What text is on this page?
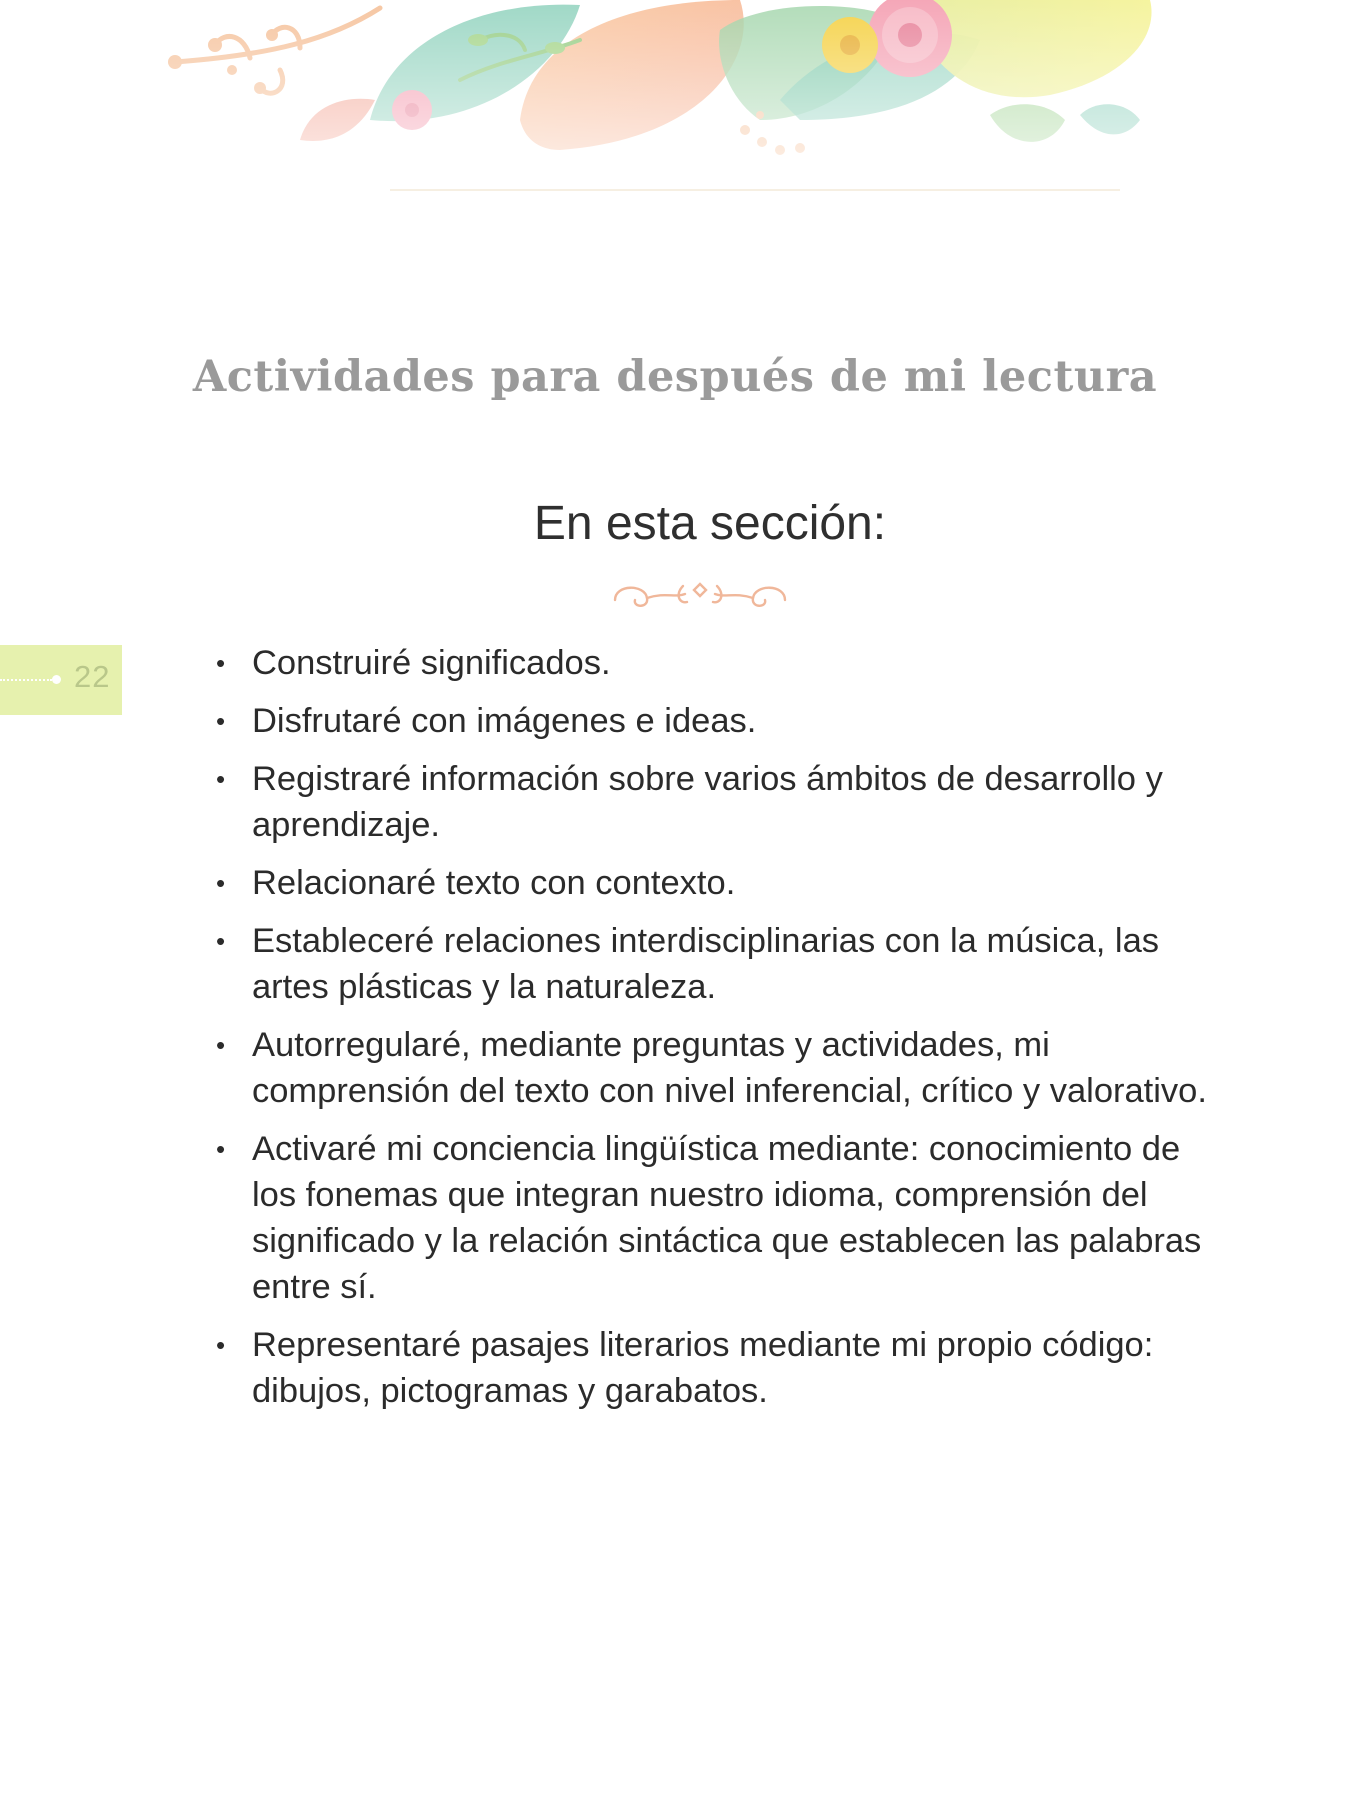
22
Actividades para después de mi lectura
En esta sección:
• Construiré significados.
• Disfrutaré con imágenes e ideas.
• Registraré información sobre varios ámbitos de desarrollo y aprendizaje.
• Relacionaré texto con contexto.
• Estableceré relaciones interdisciplinarias con la música, las artes plásticas y la naturaleza.
• Autorregularé, mediante preguntas y actividades, mi comprensión del texto con nivel inferencial, crítico y valorativo.
• Activaré mi conciencia lingüística mediante: conocimiento de los fonemas que integran nuestro idioma, comprensión del significado y la relación sintáctica que establecen las palabras entre sí.
• Representaré pasajes literarios mediante mi propio código: dibujos, pictogramas y garabatos.
